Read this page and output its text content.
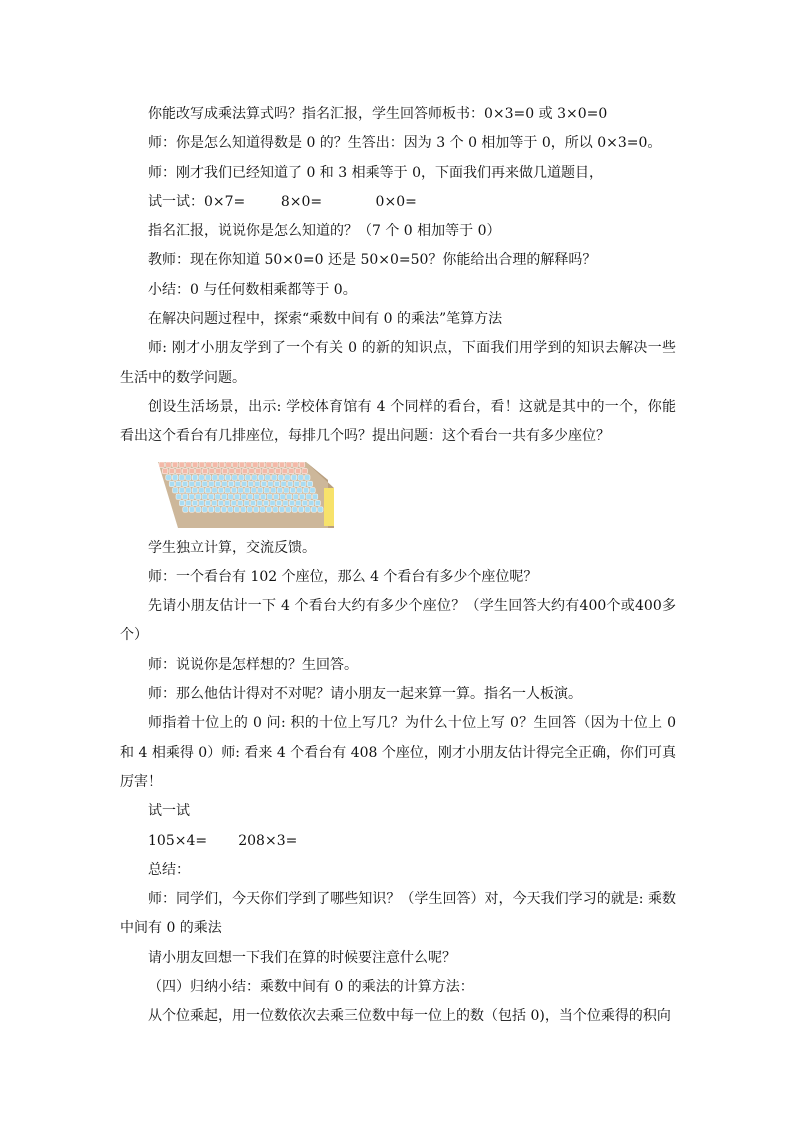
你能改写成乘法算式吗？指名汇报，学生回答师板书：0×3=0 或 3×0=0

师：你是怎么知道得数是 0 的？生答出：因为 3 个 0 相加等于 0，所以 0×3=0。

师：刚才我们已经知道了 0 和 3 相乘等于 0，下面我们再来做几道题目，

试一试：0×7=        8×0=            0×0=

指名汇报，说说你是怎么知道的？（7 个 0 相加等于 0）

教师：现在你知道 50×0=0 还是 50×0=50？你能给出合理的解释吗？

小结：0 与任何数相乘都等于 0。

在解决问题过程中，探索“乘数中间有 0 的乘法”笔算方法

师: 刚才小朋友学到了一个有关 0 的新的知识点，下面我们用学到的知识去解决一些生活中的数学问题。

创设生活场景，出示: 学校体育馆有 4 个同样的看台，看！这就是其中的一个，你能看出这个看台有几排座位，每排几个吗？提出问题：这个看台一共有多少座位？

学生独立计算，交流反馈。

师：一个看台有 102 个座位，那么 4 个看台有多少个座位呢？

先请小朋友估计一下 4 个看台大约有多少个座位？（学生回答大约有400个或400多个）

师：说说你是怎样想的？生回答。

师：那么他估计得对不对呢？请小朋友一起来算一算。指名一人板演。

师指着十位上的 0 问: 积的十位上写几？为什么十位上写 0？生回答（因为十位上 0 和 4 相乘得 0）师: 看来 4 个看台有 408 个座位，刚才小朋友估计得完全正确，你们可真厉害！

试一试

105×4=       208×3=

总结：

师：同学们，今天你们学到了哪些知识？（学生回答）对，今天我们学习的就是: 乘数中间有 0 的乘法

请小朋友回想一下我们在算的时候要注意什么呢？

（四）归纳小结：乘数中间有 0 的乘法的计算方法：

从个位乘起，用一位数依次去乘三位数中每一位上的数（包括 0)，当个位乘得的积向
